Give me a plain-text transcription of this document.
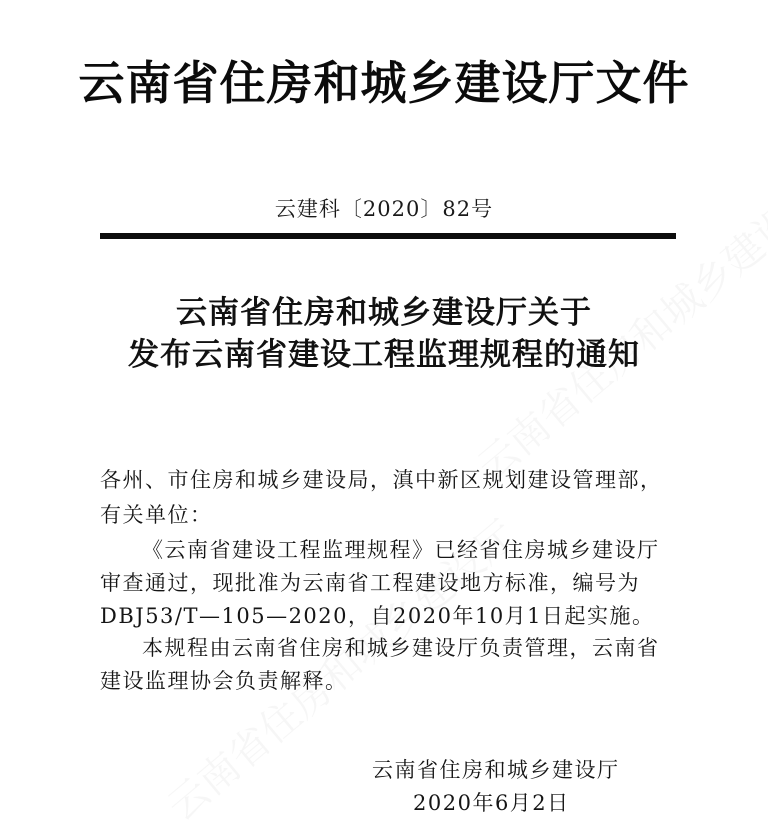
云南省住房和城乡建设厅文件
云建科〔2020〕82号
云南省住房和城乡建设厅关于
发布云南省建设工程监理规程的通知
各州、市住房和城乡建设局，滇中新区规划建设管理部，
有关单位：
《云南省建设工程监理规程》已经省住房城乡建设厅
审查通过，现批准为云南省工程建设地方标准，编号为
DBJ53/T—105—2020，自2020年10月1日起实施。
本规程由云南省住房和城乡建设厅负责管理，云南省
建设监理协会负责解释。
云南省住房和城乡建设厅
2020年6月2日
